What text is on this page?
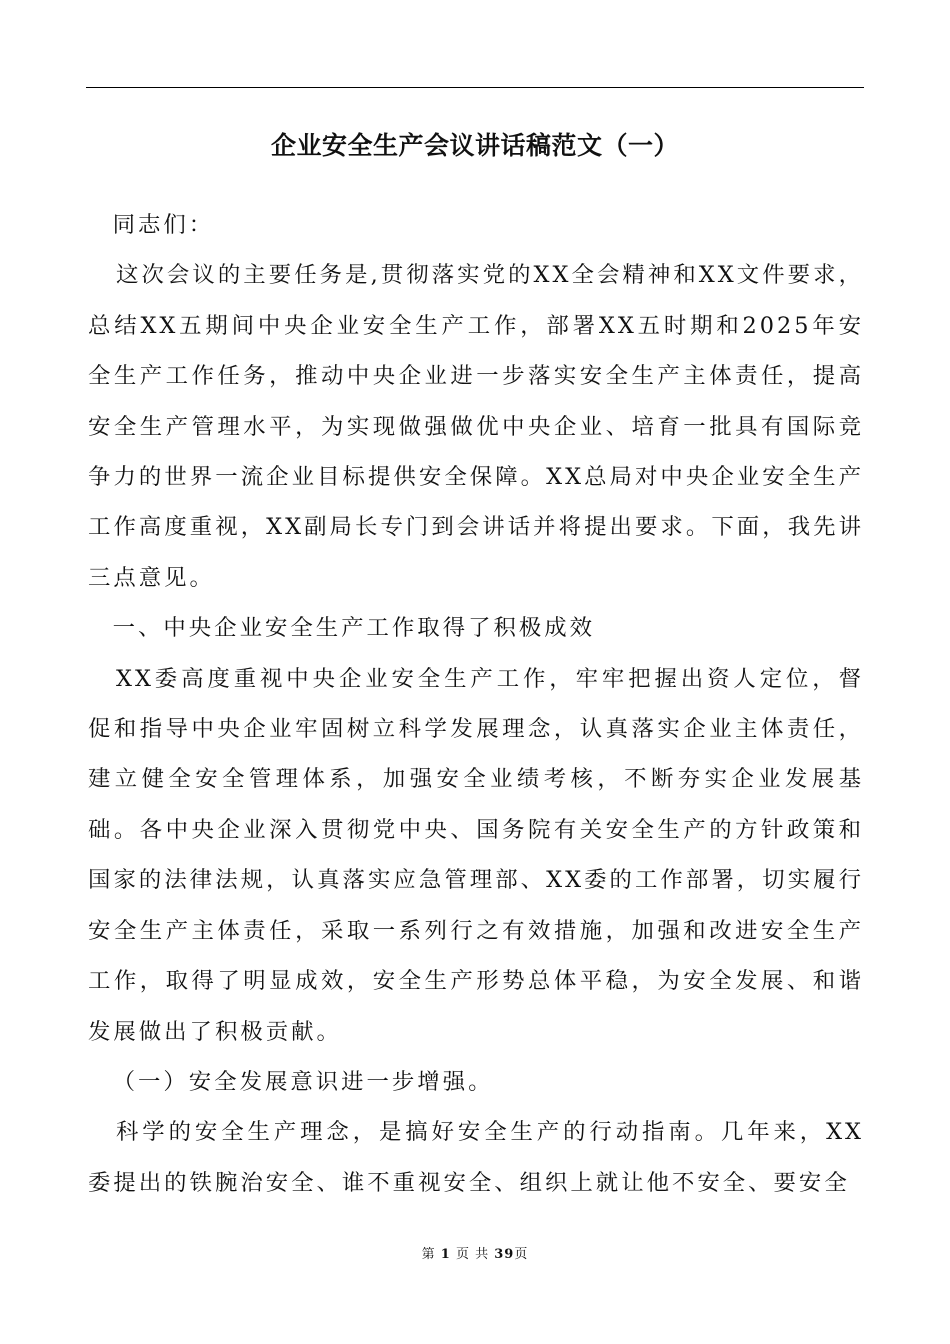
企业安全生产会议讲话稿范文（一）

同志们：

这次会议的主要任务是,贯彻落实党的XX全会精神和XX文件要求，总结XX五期间中央企业安全生产工作，部署XX五时期和2025年安全生产工作任务，推动中央企业进一步落实安全生产主体责任，提高安全生产管理水平，为实现做强做优中央企业、培育一批具有国际竞争力的世界一流企业目标提供安全保障。XX总局对中央企业安全生产工作高度重视，XX副局长专门到会讲话并将提出要求。下面，我先讲三点意见。

一、中央企业安全生产工作取得了积极成效

XX委高度重视中央企业安全生产工作，牢牢把握出资人定位，督促和指导中央企业牢固树立科学发展理念，认真落实企业主体责任，建立健全安全管理体系，加强安全业绩考核，不断夯实企业发展基础。各中央企业深入贯彻党中央、国务院有关安全生产的方针政策和国家的法律法规，认真落实应急管理部、XX委的工作部署，切实履行安全生产主体责任，采取一系列行之有效措施，加强和改进安全生产工作，取得了明显成效，安全生产形势总体平稳，为安全发展、和谐发展做出了积极贡献。

（一）安全发展意识进一步增强。

科学的安全生产理念，是搞好安全生产的行动指南。几年来，XX委提出的铁腕治安全、谁不重视安全、组织上就让他不安全、要安全

第 1 页 共 39页
